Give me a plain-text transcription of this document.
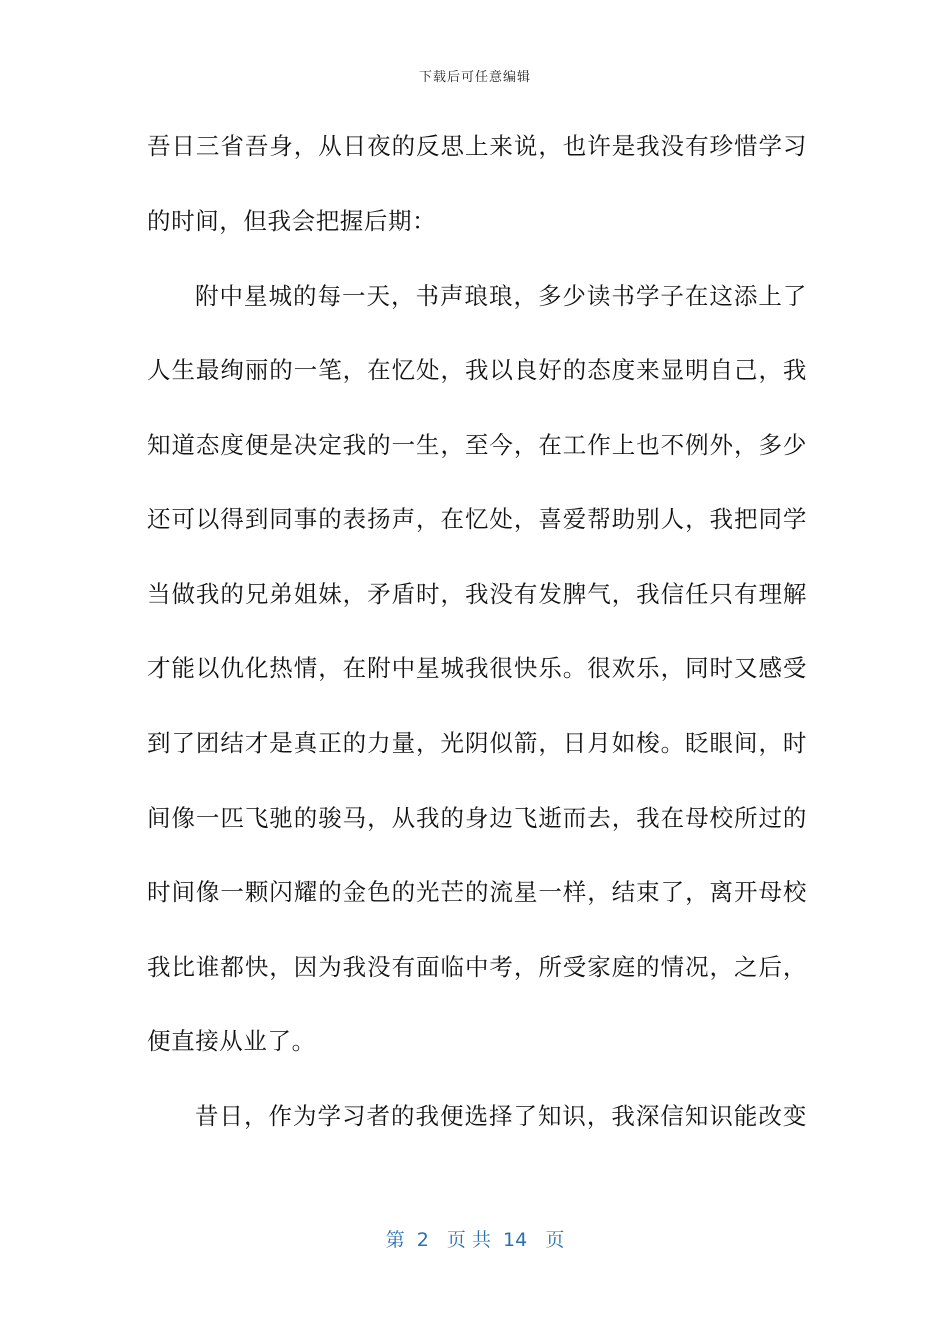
下载后可任意编辑
吾日三省吾身，从日夜的反思上来说，也许是我没有珍惜学习
的时间，但我会把握后期：
附中星城的每一天，书声琅琅，多少读书学子在这添上了
人生最绚丽的一笔，在忆处，我以良好的态度来显明自己，我
知道态度便是决定我的一生，至今，在工作上也不例外，多少
还可以得到同事的表扬声，在忆处，喜爱帮助别人，我把同学
当做我的兄弟姐妹，矛盾时，我没有发脾气，我信任只有理解
才能以仇化热情，在附中星城我很快乐。很欢乐，同时又感受
到了团结才是真正的力量，光阴似箭，日月如梭。眨眼间，时
间像一匹飞驰的骏马，从我的身边飞逝而去，我在母校所过的
时间像一颗闪耀的金色的光芒的流星一样，结束了，离开母校
我比谁都快，因为我没有面临中考，所受家庭的情况，之后，
便直接从业了。
昔日，作为学习者的我便选择了知识，我深信知识能改变
第  2   页 共  14   页
